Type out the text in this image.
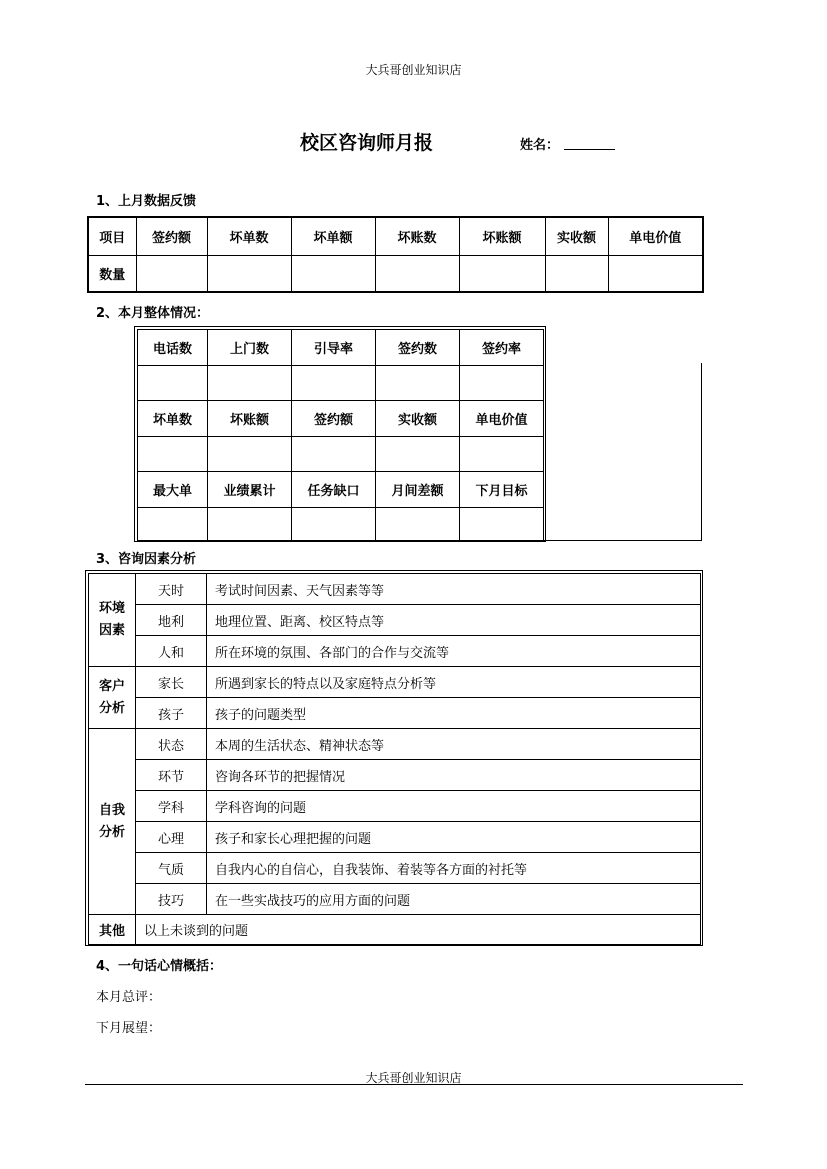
大兵哥创业知识店
校区咨询师月报	姓名：
1、上月数据反馈
项目	签约额	坏单数	坏单额	坏账数	坏账额	实收额	单电价值
数量							
2、本月整体情况：
电话数	上门数	引导率	签约数	签约率

坏单数	坏账额	签约额	实收额	单电价值

最大单	业绩累计	任务缺口	月间差额	下月目标

3、咨询因素分析
环境因素	天时	考试时间因素、天气因素等等
	地利	地理位置、距离、校区特点等
	人和	所在环境的氛围、各部门的合作与交流等
客户分析	家长	所遇到家长的特点以及家庭特点分析等
	孩子	孩子的问题类型
自我分析	状态	本周的生活状态、精神状态等
	环节	咨询各环节的把握情况
	学科	学科咨询的问题
	心理	孩子和家长心理把握的问题
	气质	自我内心的自信心，自我装饰、着装等各方面的衬托等
	技巧	在一些实战技巧的应用方面的问题
其他	以上未谈到的问题	
4、一句话心情概括：
本月总评：
下月展望：
大兵哥创业知识店
